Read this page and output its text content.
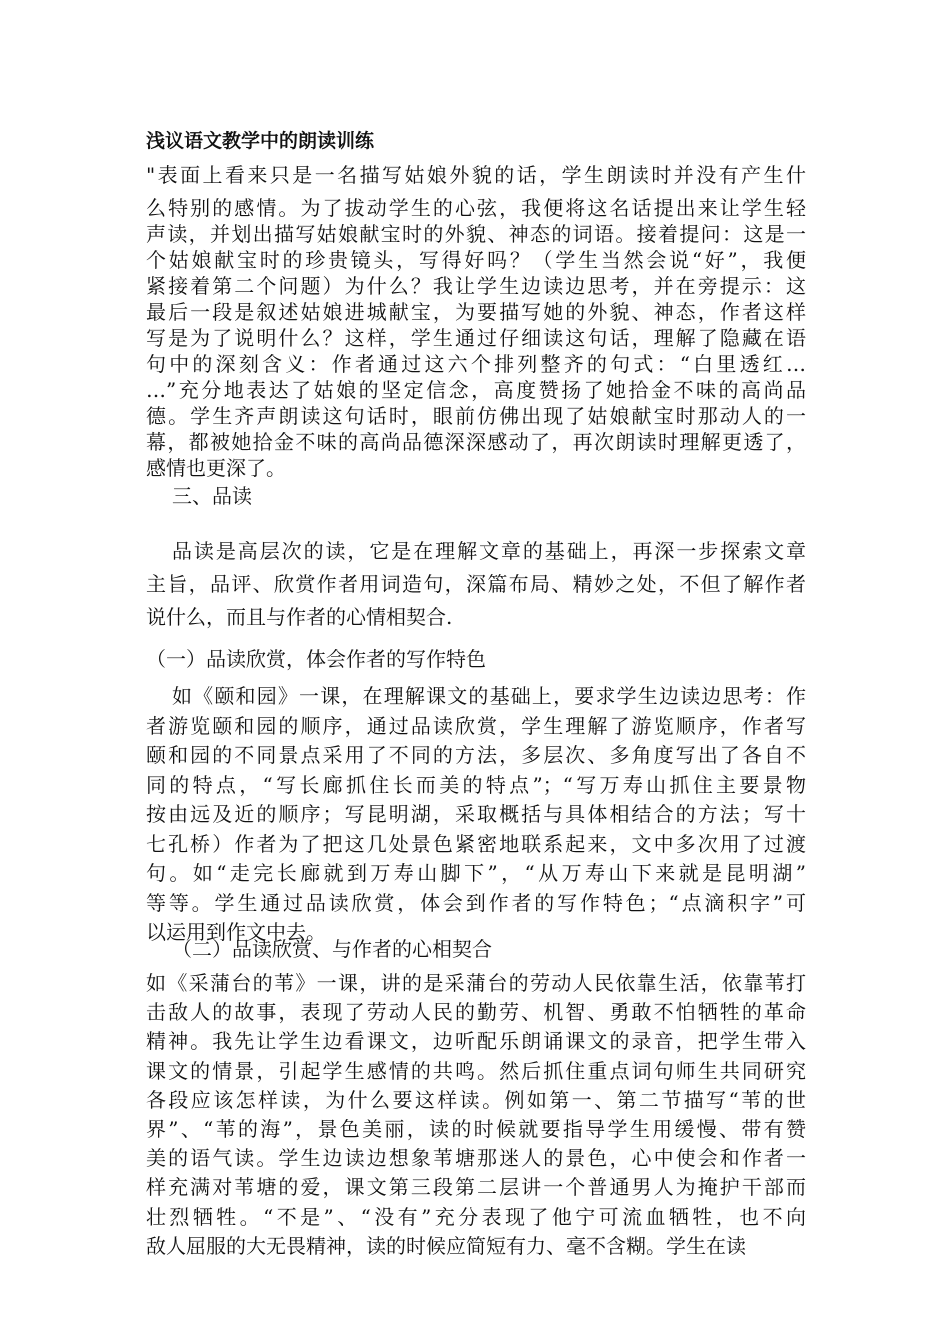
浅议语文教学中的朗读训练
"表面上看来只是一名描写姑娘外貌的话，学生朗读时并没有产生什
么特别的感情。为了拔动学生的心弦，我便将这名话提出来让学生轻
声读，并划出描写姑娘献宝时的外貌、神态的词语。接着提问：这是一
个姑娘献宝时的珍贵镜头，写得好吗？（学生当然会说“好”，我便
紧接着第二个问题）为什么？我让学生边读边思考，并在旁提示：这
最后一段是叙述姑娘进城献宝，为要描写她的外貌、神态，作者这样
写是为了说明什么？这样，学生通过仔细读这句话，理解了隐藏在语
句中的深刻含义：作者通过这六个排列整齐的句式：“白里透红…
…”充分地表达了姑娘的坚定信念，高度赞扬了她拾金不味的高尚品
德。学生齐声朗读这句话时，眼前仿佛出现了姑娘献宝时那动人的一
幕，都被她拾金不味的高尚品德深深感动了，再次朗读时理解更透了，
感情也更深了。
三、品读
品读是高层次的读，它是在理解文章的基础上，再深一步探索文章
主旨，品评、欣赏作者用词造句，深篇布局、精妙之处，不但了解作者
说什么，而且与作者的心情相契合.
（一）品读欣赏，体会作者的写作特色
如《颐和园》一课，在理解课文的基础上，要求学生边读边思考：作
者游览颐和园的顺序，通过品读欣赏，学生理解了游览顺序，作者写
颐和园的不同景点采用了不同的方法，多层次、多角度写出了各自不
同的特点，“写长廊抓住长而美的特点”；“写万寿山抓住主要景物
按由远及近的顺序；写昆明湖，采取概括与具体相结合的方法；写十
七孔桥）作者为了把这几处景色紧密地联系起来，文中多次用了过渡
句。如“走完长廊就到万寿山脚下”，“从万寿山下来就是昆明湖”
等等。学生通过品读欣赏，体会到作者的写作特色；“点滴积字”可
以运用到作文中去。
（二）品读欣赏、与作者的心相契合
如《采蒲台的苇》一课，讲的是采蒲台的劳动人民依靠生活，依靠苇打
击敌人的故事，表现了劳动人民的勤劳、机智、勇敢不怕牺牲的革命
精神。我先让学生边看课文，边听配乐朗诵课文的录音，把学生带入
课文的情景，引起学生感情的共鸣。然后抓住重点词句师生共同研究
各段应该怎样读，为什么要这样读。例如第一、第二节描写“苇的世
界”、“苇的海”，景色美丽，读的时候就要指导学生用缓慢、带有赞
美的语气读。学生边读边想象苇塘那迷人的景色，心中使会和作者一
样充满对苇塘的爱，课文第三段第二层讲一个普通男人为掩护干部而
壮烈牺牲。“不是”、“没有”充分表现了他宁可流血牺牲，也不向
敌人屈服的大无畏精神，读的时候应简短有力、毫不含糊。学生在读
